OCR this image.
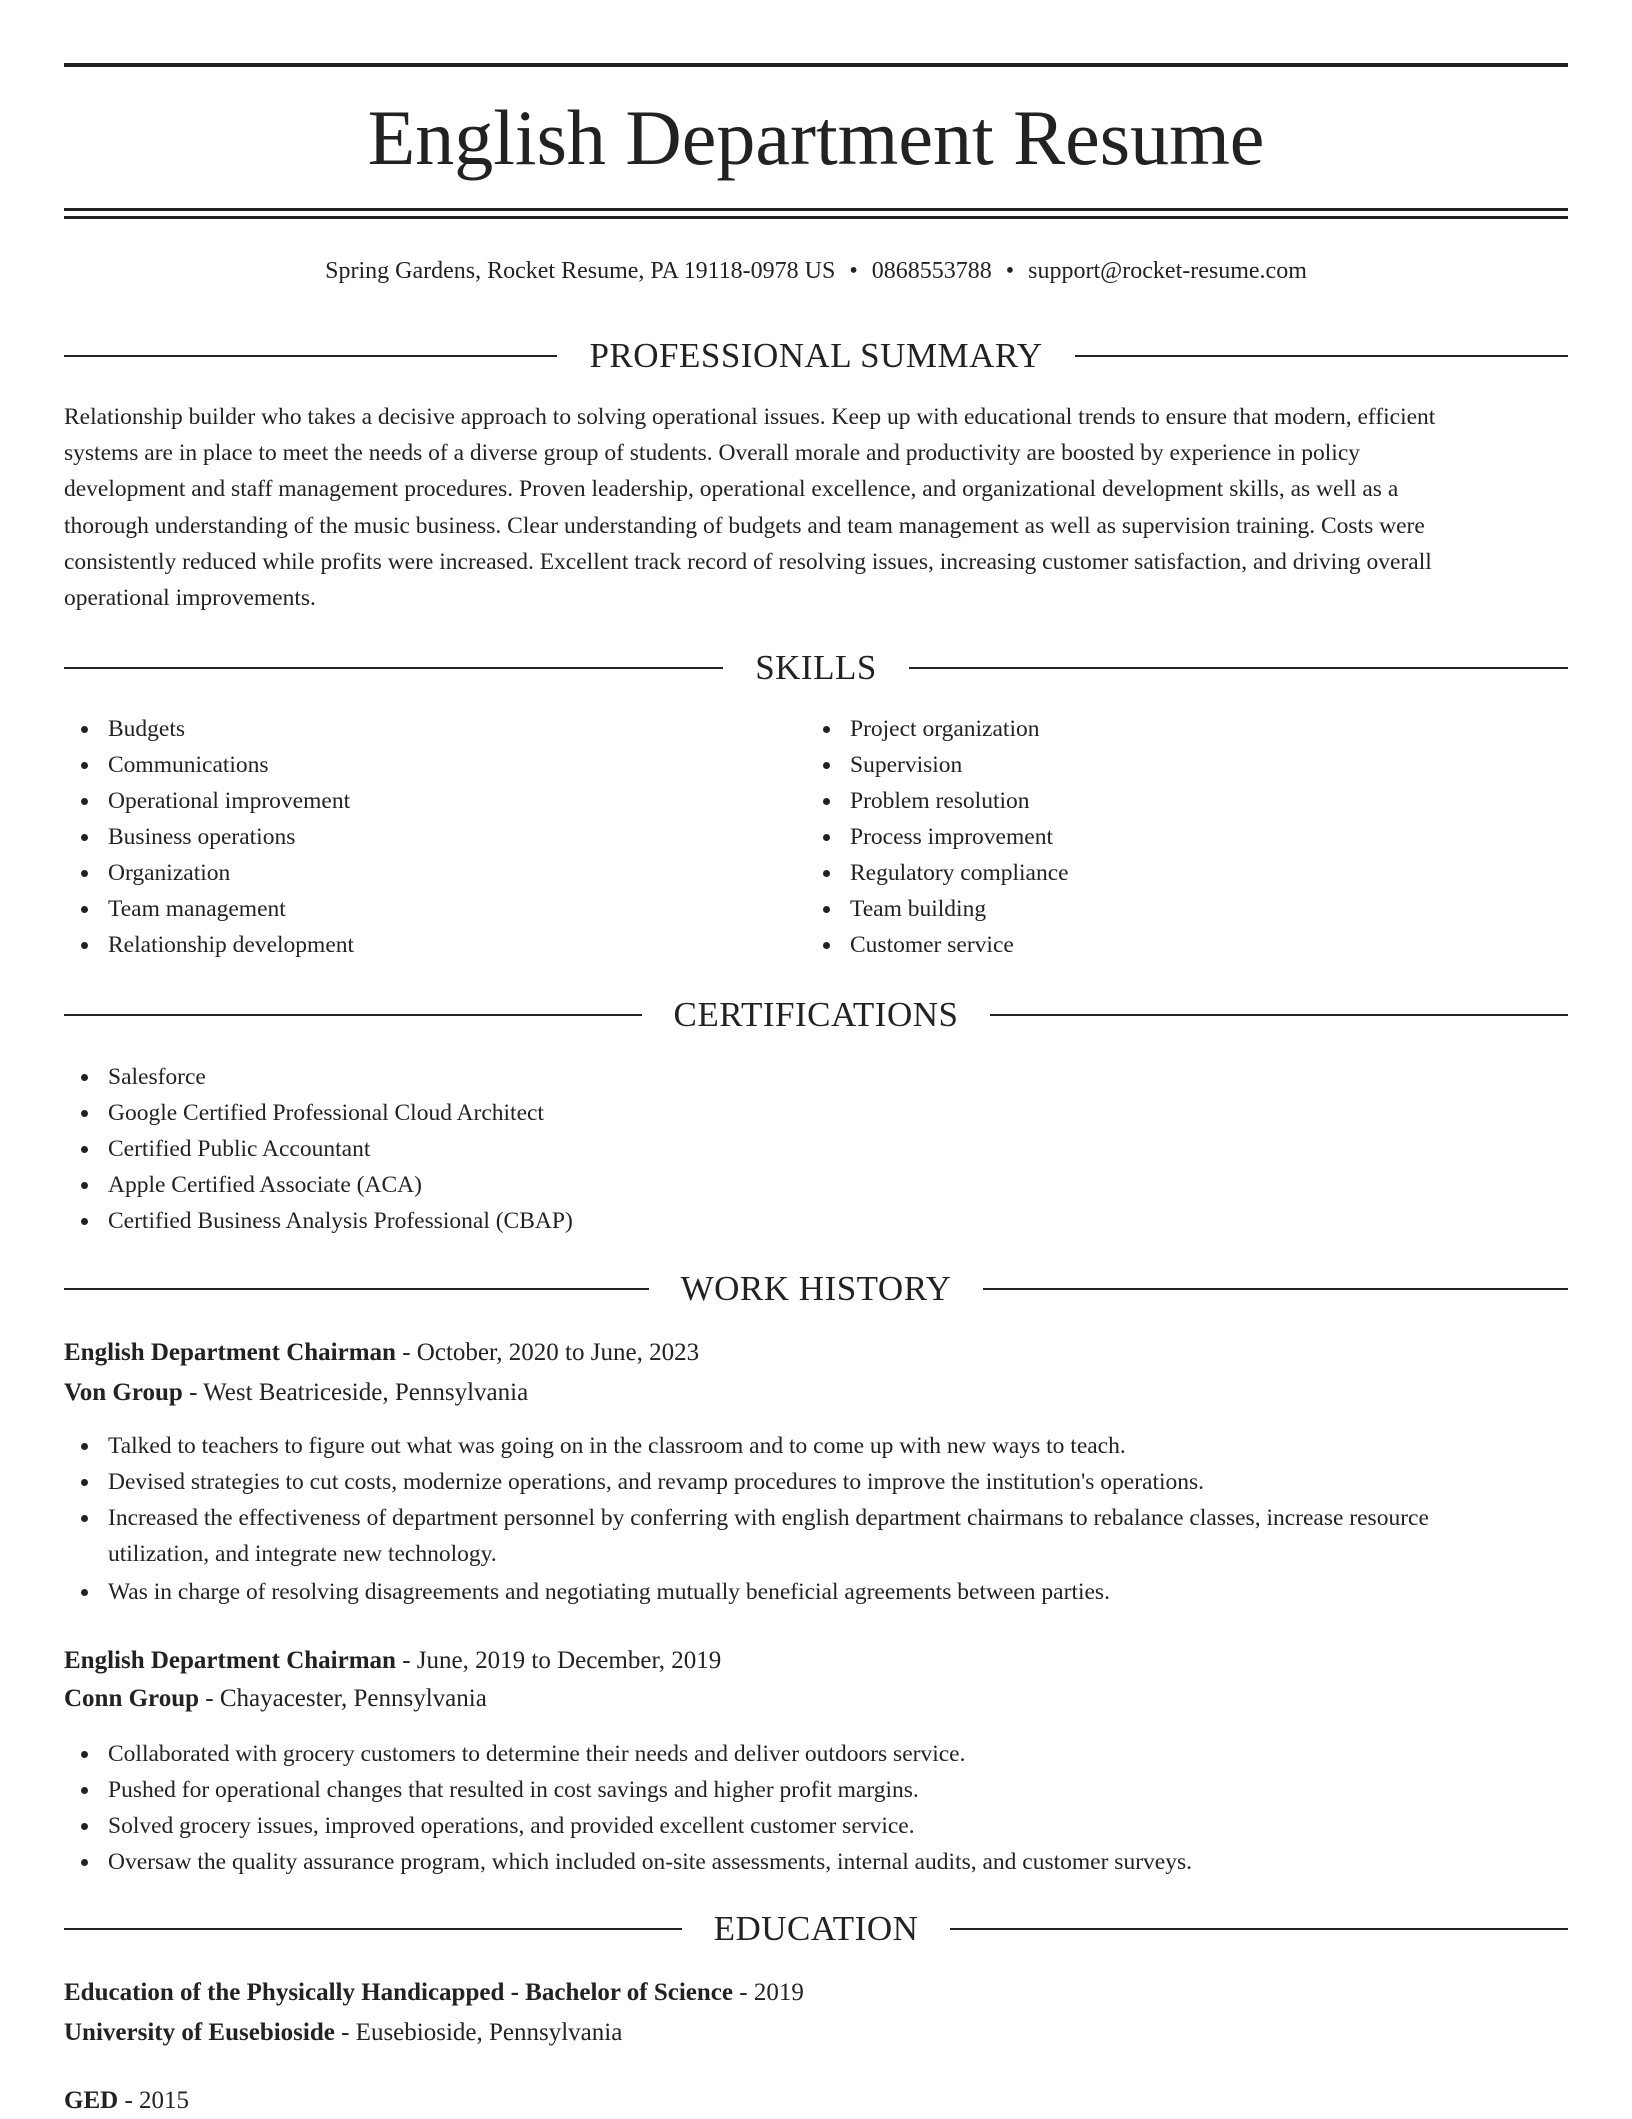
English Department Resume
Spring Gardens, Rocket Resume, PA 19118-0978 US • 0868553788 • support@rocket-resume.com
PROFESSIONAL SUMMARY
Relationship builder who takes a decisive approach to solving operational issues. Keep up with educational trends to ensure that modern, efficient
systems are in place to meet the needs of a diverse group of students. Overall morale and productivity are boosted by experience in policy
development and staff management procedures. Proven leadership, operational excellence, and organizational development skills, as well as a
thorough understanding of the music business. Clear understanding of budgets and team management as well as supervision training. Costs were
consistently reduced while profits were increased. Excellent track record of resolving issues, increasing customer satisfaction, and driving overall
operational improvements.
SKILLS
Budgets
Communications
Operational improvement
Business operations
Organization
Team management
Relationship development
Project organization
Supervision
Problem resolution
Process improvement
Regulatory compliance
Team building
Customer service
CERTIFICATIONS
Salesforce
Google Certified Professional Cloud Architect
Certified Public Accountant
Apple Certified Associate (ACA)
Certified Business Analysis Professional (CBAP)
WORK HISTORY
English Department Chairman - October, 2020 to June, 2023
Von Group - West Beatriceside, Pennsylvania
Talked to teachers to figure out what was going on in the classroom and to come up with new ways to teach.
Devised strategies to cut costs, modernize operations, and revamp procedures to improve the institution's operations.
Increased the effectiveness of department personnel by conferring with english department chairmans to rebalance classes, increase resource
utilization, and integrate new technology.
Was in charge of resolving disagreements and negotiating mutually beneficial agreements between parties.
English Department Chairman - June, 2019 to December, 2019
Conn Group - Chayacester, Pennsylvania
Collaborated with grocery customers to determine their needs and deliver outdoors service.
Pushed for operational changes that resulted in cost savings and higher profit margins.
Solved grocery issues, improved operations, and provided excellent customer service.
Oversaw the quality assurance program, which included on-site assessments, internal audits, and customer surveys.
EDUCATION
Education of the Physically Handicapped - Bachelor of Science - 2019
University of Eusebioside - Eusebioside, Pennsylvania
GED - 2015
